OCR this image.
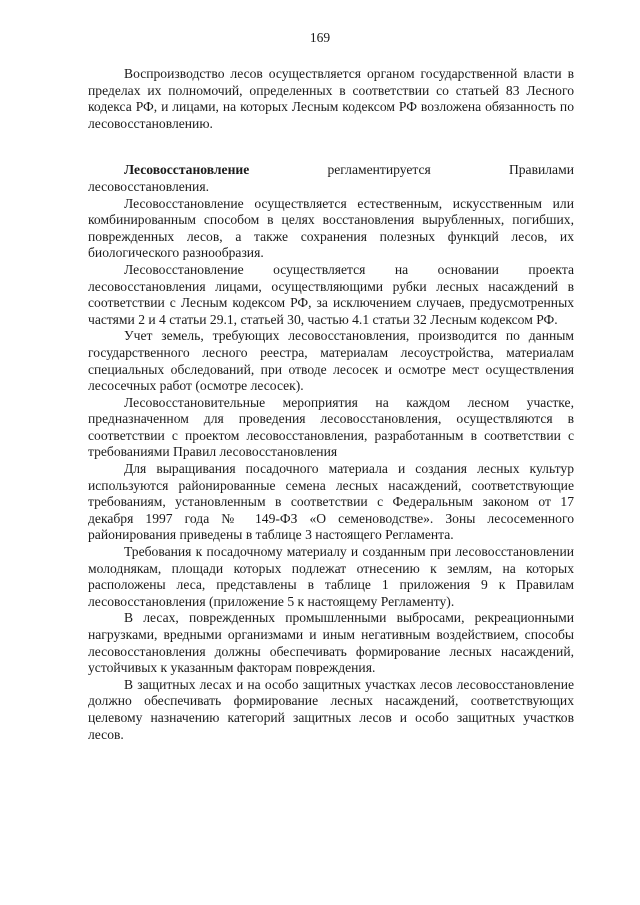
169

Воспроизводство лесов осуществляется органом государственной власти в пределах их полномочий, определенных в соответствии со статьей 83 Лесного кодекса РФ, и лицами, на которых Лесным кодексом РФ возложена обязанность по лесовосстановлению.

Лесовосстановление	регламентируется	Правилами

лесовосстановления.

Лесовосстановление осуществляется естественным, искусственным или комбинированным способом в целях восстановления вырубленных, погибших, поврежденных лесов, а также сохранения полезных функций лесов, их биологического разнообразия.

Лесовосстановление осуществляется на основании проекта лесовосстановления лицами, осуществляющими рубки лесных насаждений в соответствии с Лесным кодексом РФ, за исключением случаев, предусмотренных частями 2 и 4 статьи 29.1, статьей 30, частью 4.1 статьи 32 Лесным кодексом РФ.

Учет земель, требующих лесовосстановления, производится по данным государственного лесного реестра, материалам лесоустройства, материалам специальных обследований, при отводе лесосек и осмотре мест осуществления лесосечных работ (осмотре лесосек).

Лесовосстановительные мероприятия на каждом лесном участке, предназначенном для проведения лесовосстановления, осуществляются в соответствии с проектом лесовосстановления, разработанным в соответствии с требованиями Правил лесовосстановления

Для выращивания посадочного материала и создания лесных культур используются районированные семена лесных насаждений, соответствующие требованиям, установленным в соответствии с Федеральным законом от 17 декабря 1997 года № 149-ФЗ «О семеноводстве». Зоны лесосеменного районирования приведены в таблице 3 настоящего Регламента.

Требования к посадочному материалу и созданным при лесовосстановлении молоднякам, площади которых подлежат отнесению к землям, на которых расположены леса, представлены в таблице 1 приложения 9 к Правилам лесовосстановления (приложение 5 к настоящему Регламенту).

В лесах, поврежденных промышленными выбросами, рекреационными нагрузками, вредными организмами и иным негативным воздействием, способы лесовосстановления должны обеспечивать формирование лесных насаждений, устойчивых к указанным факторам повреждения.

В защитных лесах и на особо защитных участках лесов лесовосстановление должно обеспечивать формирование лесных насаждений, соответствующих целевому назначению категорий защитных лесов и особо защитных участков лесов.
